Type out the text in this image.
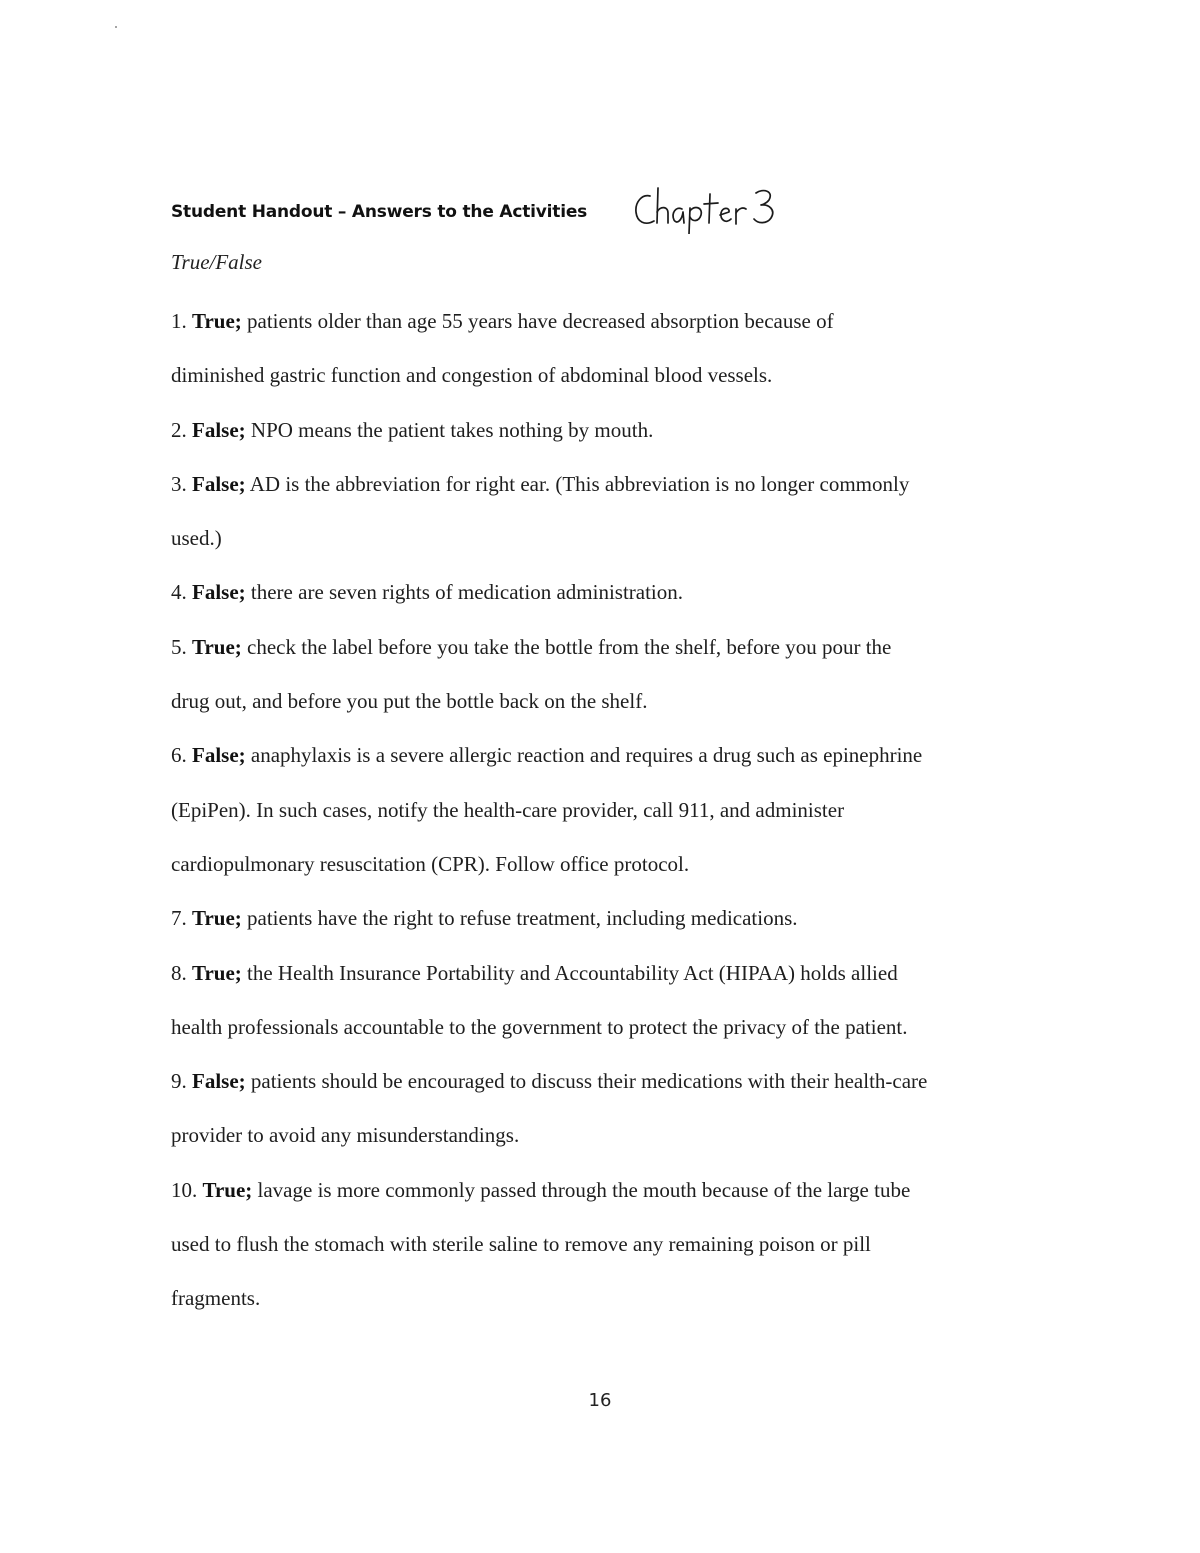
Student Handout – Answers to the Activities
True/False
1. True; patients older than age 55 years have decreased absorption because of
diminished gastric function and congestion of abdominal blood vessels.
2. False; NPO means the patient takes nothing by mouth.
3. False; AD is the abbreviation for right ear. (This abbreviation is no longer commonly
used.)
4. False; there are seven rights of medication administration.
5. True; check the label before you take the bottle from the shelf, before you pour the
drug out, and before you put the bottle back on the shelf.
6. False; anaphylaxis is a severe allergic reaction and requires a drug such as epinephrine
(EpiPen). In such cases, notify the health-care provider, call 911, and administer
cardiopulmonary resuscitation (CPR). Follow office protocol.
7. True; patients have the right to refuse treatment, including medications.
8. True; the Health Insurance Portability and Accountability Act (HIPAA) holds allied
health professionals accountable to the government to protect the privacy of the patient.
9. False; patients should be encouraged to discuss their medications with their health-care
provider to avoid any misunderstandings.
10. True; lavage is more commonly passed through the mouth because of the large tube
used to flush the stomach with sterile saline to remove any remaining poison or pill
fragments.
16
